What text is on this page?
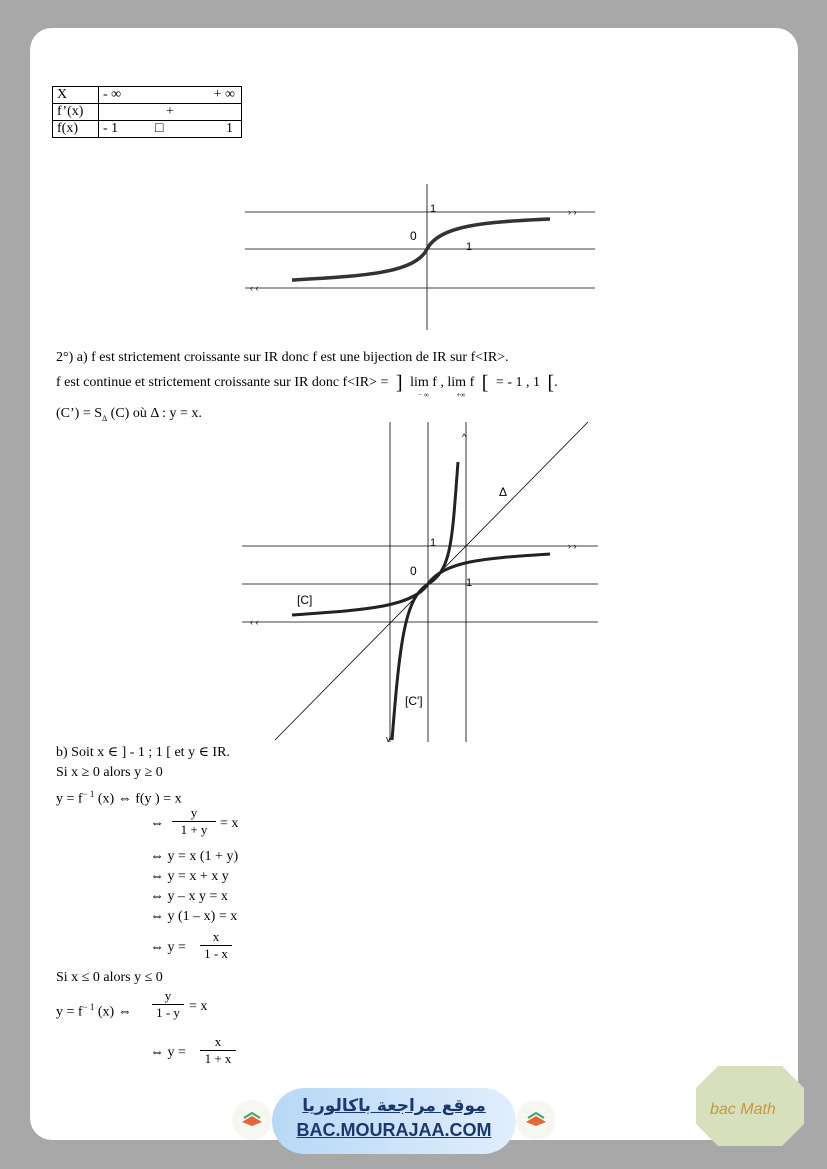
X	- ∞ + ∞

f’(x)	+
f(x)	- 1 □ 1
› ›
‹ ‹
0
1
1
2°) a) f est strictement croissante sur IR donc f est une bijection de IR sur f<IR>.
f est continue et strictement croissante sur IR donc f<IR> =  ]  lim f
− ∞
, lim f
+∞
 [  = - 1 , 1  [.
(C’) = $S_\Delta$ (C) où Δ : y = x.
› ›
‹ ‹
^
v
Δ
0
1
1
[C]
[C']
b) Soit x ∈ ] - 1 ; 1 [ et y ∈ IR.
Si x ≥ 0 alors y ≥ 0
$y = f^{- 1}$ (x) ⇔ f(y ) = x
⇔
y
1 + y = x
⇔ y = x (1 + y)
⇔ y = x + x y
⇔ y – x y = x
⇔ y (1 – x) = x
⇔ y =
x
1 - x
Si x ≤ 0 alors y ≤ 0
$y = f^{- 1}$ (x) ⇔
y
1 - y = x
⇔ y =
x
1 + x
موقع مراجعة باكالوريا
BAC.MOURAJAA.COM
bac Math
